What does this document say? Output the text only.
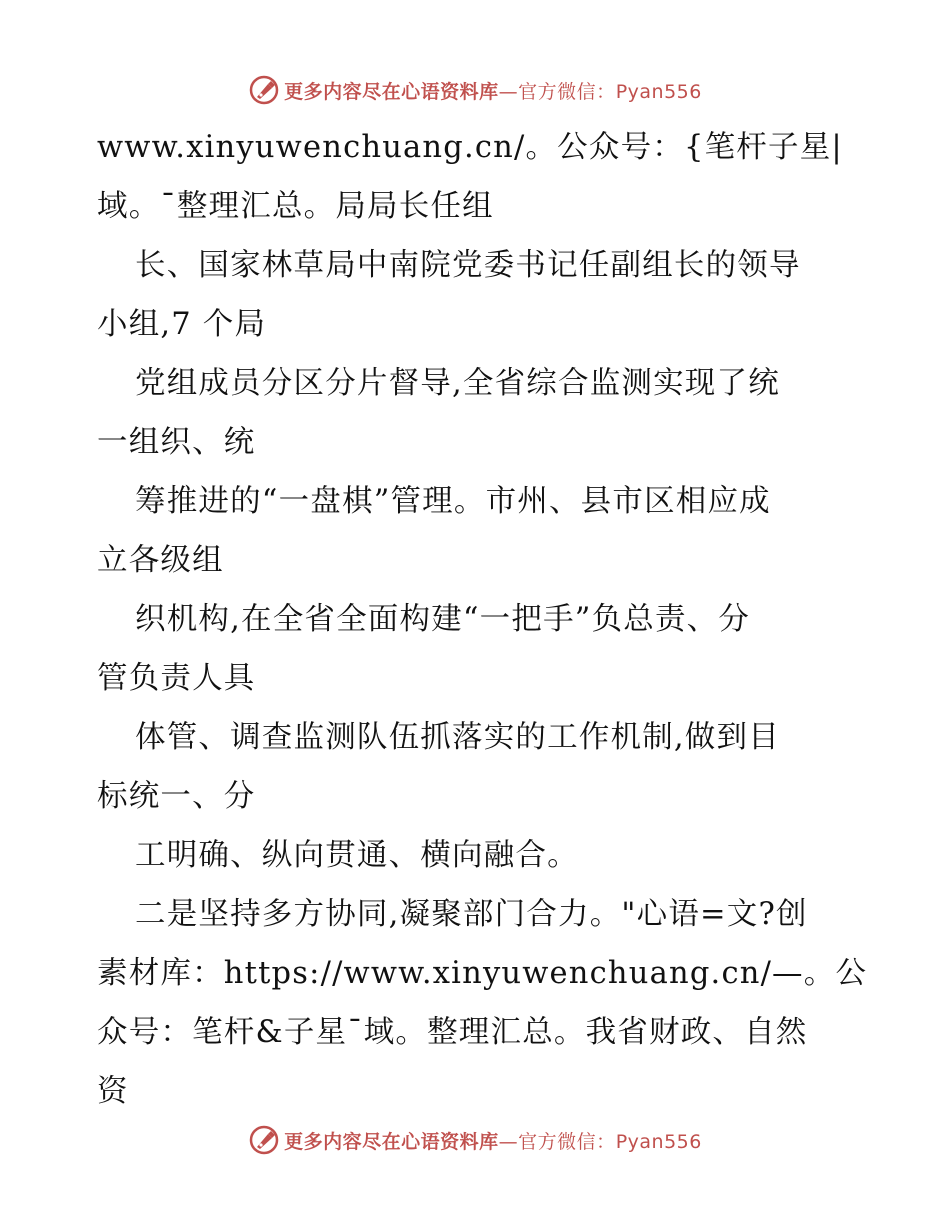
更多内容尽在心语资料库—官方微信：Pyan556
www.xinyuwenchuang.cn/。公众号：{笔杆子星|
域。¯整理汇总。局局长任组
长、国家林草局中南院党委书记任副组长的领导
小组,7 个局
党组成员分区分片督导,全省综合监测实现了统
一组织、统
筹推进的“一盘棋”管理。市州、县市区相应成
立各级组
织机构,在全省全面构建“一把手”负总责、分
管负责人具
体管、调查监测队伍抓落实的工作机制,做到目
标统一、分
工明确、纵向贯通、横向融合。
二是坚持多方协同,凝聚部门合力。"心语=文?创
素材库：https://www.xinyuwenchuang.cn/—。公
众号：笔杆&子星¯域。整理汇总。我省财政、自然
资
更多内容尽在心语资料库—官方微信：Pyan556
